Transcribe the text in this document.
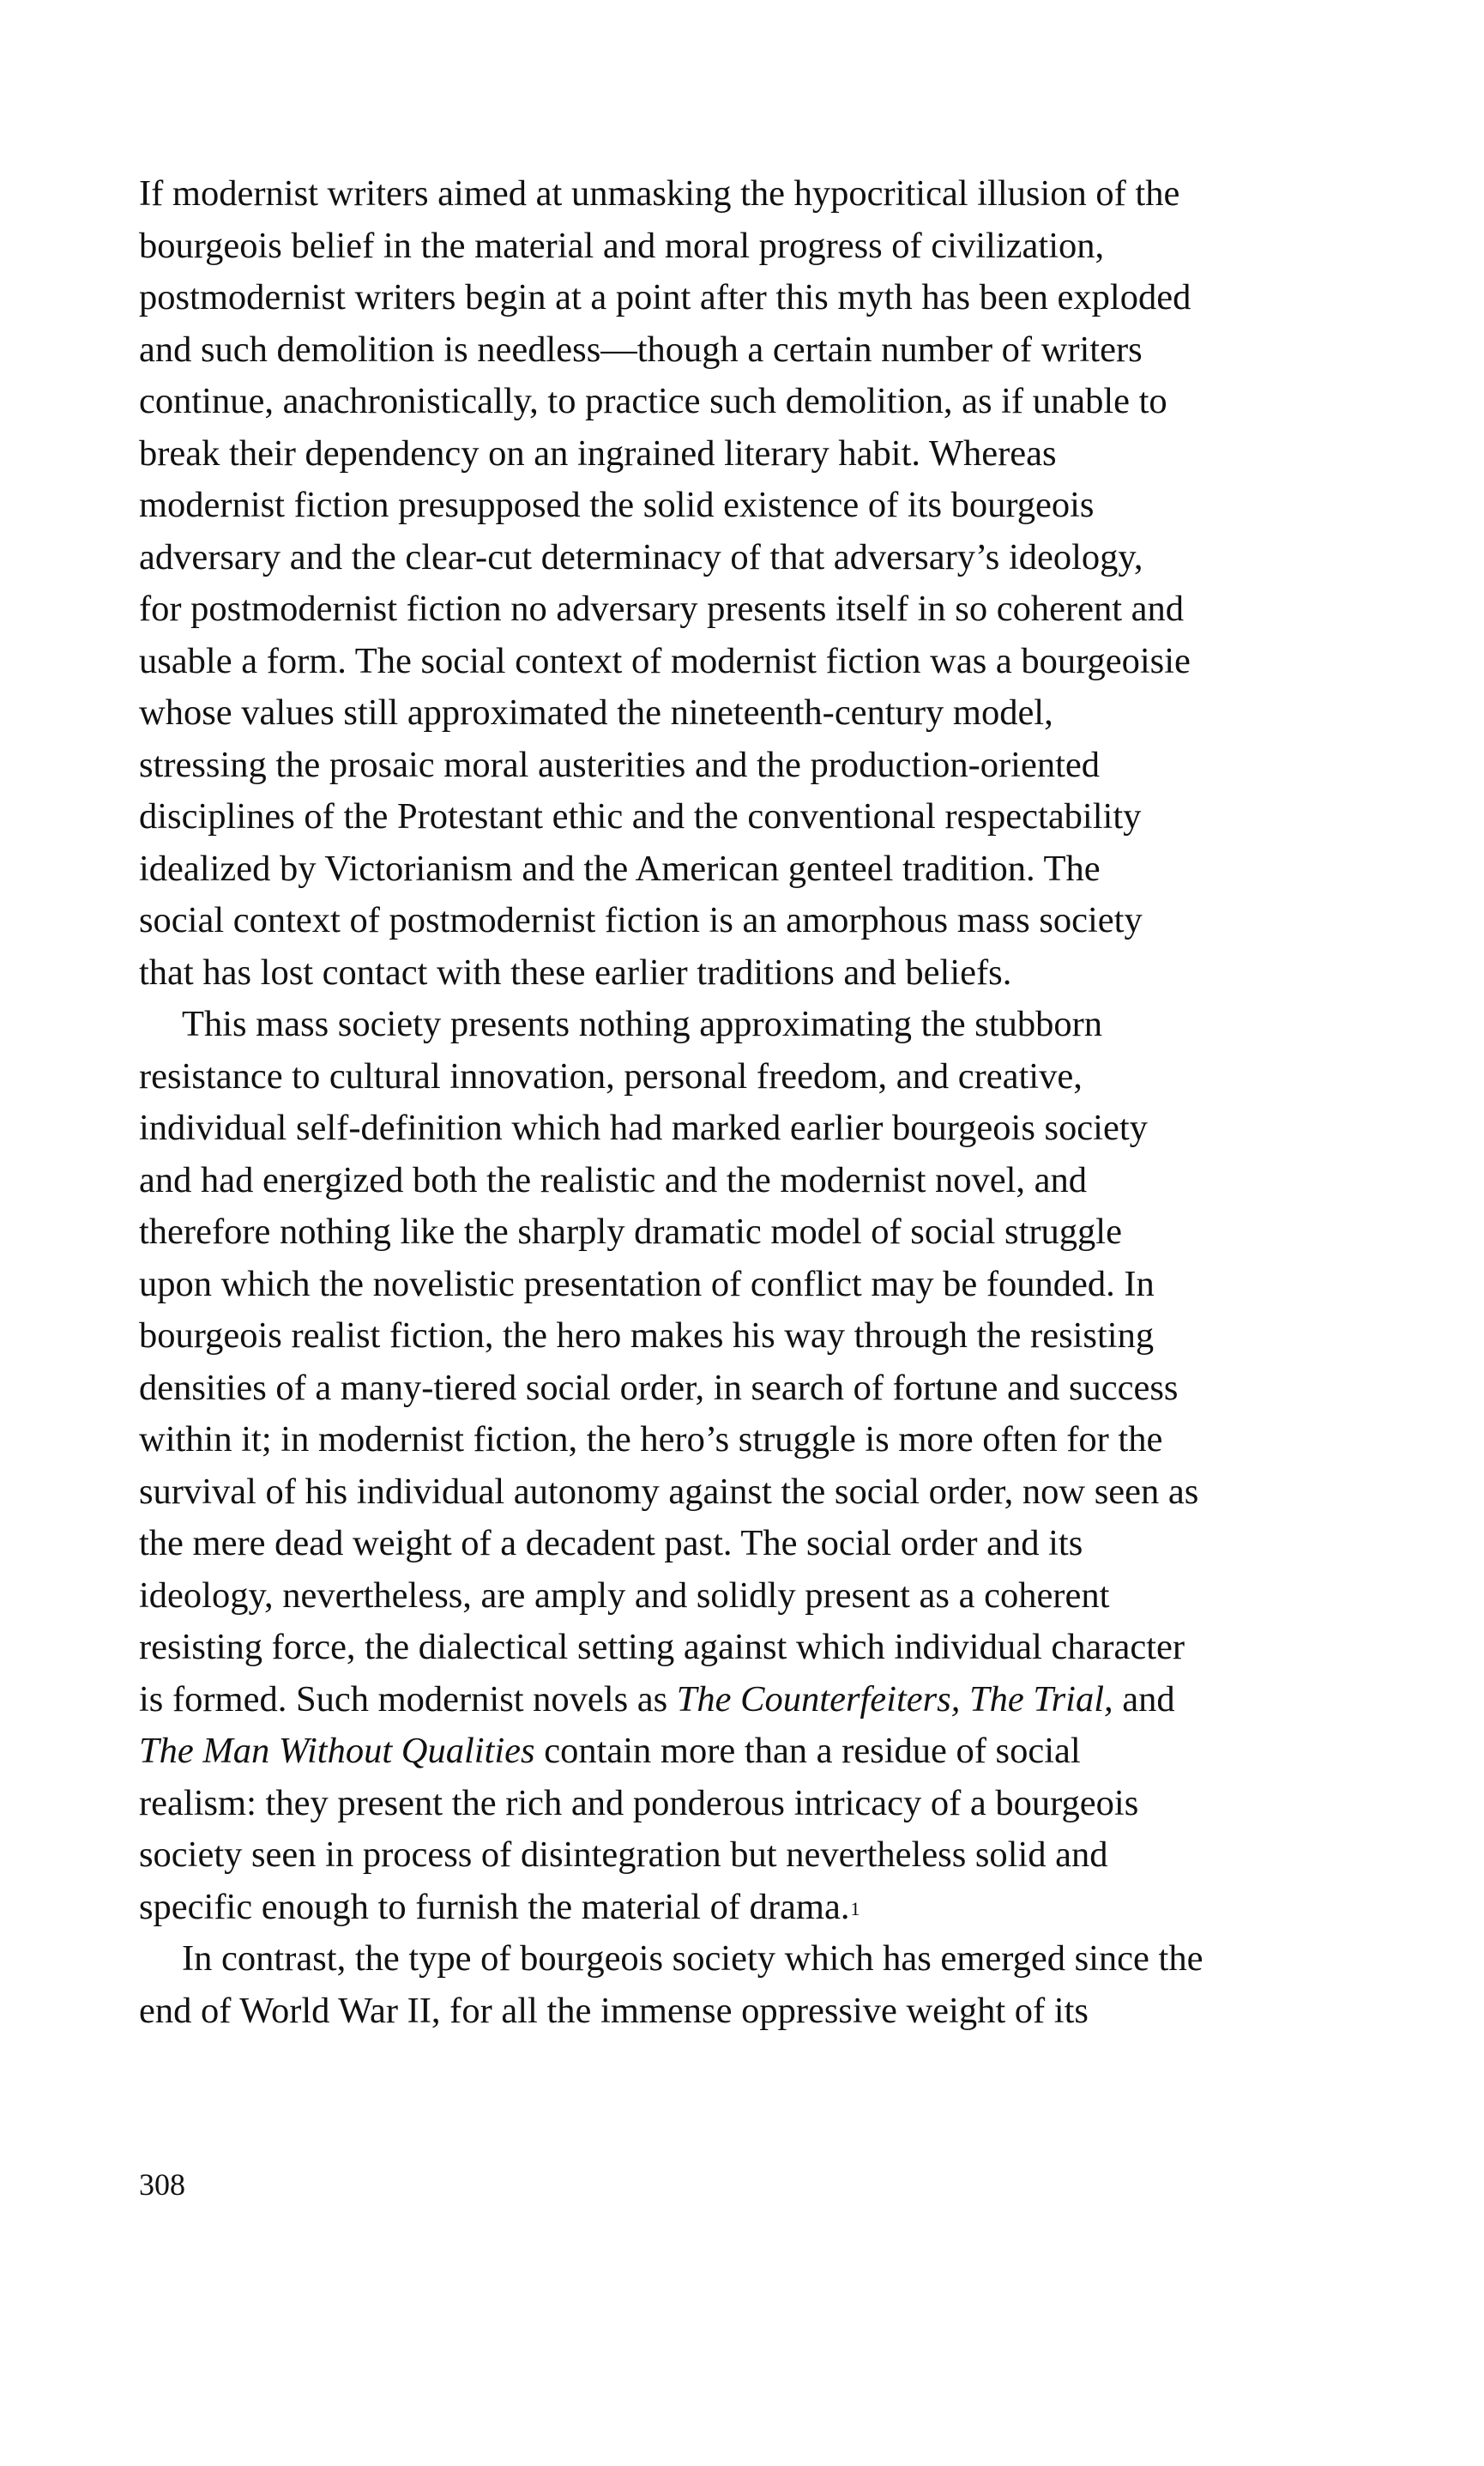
If modernist writers aimed at unmasking the hypocritical illusion of the
bourgeois belief in the material and moral progress of civilization,
postmodernist writers begin at a point after this myth has been exploded
and such demolition is needless—though a certain number of writers
continue, anachronistically, to practice such demolition, as if unable to
break their dependency on an ingrained literary habit. Whereas
modernist fiction presupposed the solid existence of its bourgeois
adversary and the clear-cut determinacy of that adversary’s ideology,
for postmodernist fiction no adversary presents itself in so coherent and
usable a form. The social context of modernist fiction was a bourgeoisie
whose values still approximated the nineteenth-century model,
stressing the prosaic moral austerities and the production-oriented
disciplines of the Protestant ethic and the conventional respectability
idealized by Victorianism and the American genteel tradition. The
social context of postmodernist fiction is an amorphous mass society
that has lost contact with these earlier traditions and beliefs.
This mass society presents nothing approximating the stubborn
resistance to cultural innovation, personal freedom, and creative,
individual self-definition which had marked earlier bourgeois society
and had energized both the realistic and the modernist novel, and
therefore nothing like the sharply dramatic model of social struggle
upon which the novelistic presentation of conflict may be founded. In
bourgeois realist fiction, the hero makes his way through the resisting
densities of a many-tiered social order, in search of fortune and success
within it; in modernist fiction, the hero’s struggle is more often for the
survival of his individual autonomy against the social order, now seen as
the mere dead weight of a decadent past. The social order and its
ideology, nevertheless, are amply and solidly present as a coherent
resisting force, the dialectical setting against which individual character
is formed. Such modernist novels as The Counterfeiters, The Trial, and
The Man Without Qualities contain more than a residue of social
realism: they present the rich and ponderous intricacy of a bourgeois
society seen in process of disintegration but nevertheless solid and
specific enough to furnish the material of drama.$^1$
In contrast, the type of bourgeois society which has emerged since the
end of World War II, for all the immense oppressive weight of its
308
